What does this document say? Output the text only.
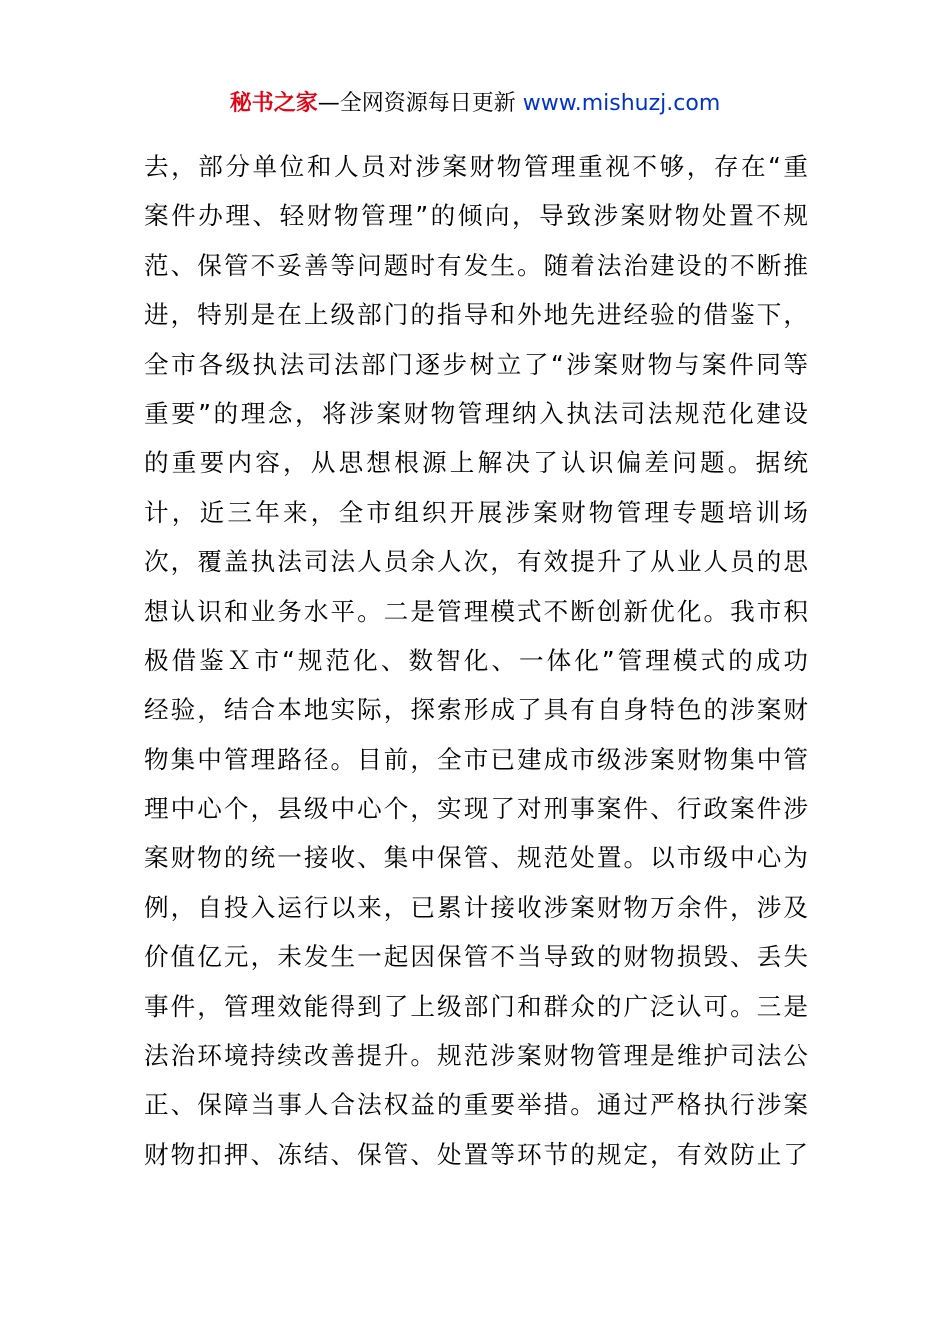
秘书之家—全网资源每日更新 www.mishuzj.com
去，部分单位和人员对涉案财物管理重视不够，存在“重
案件办理、轻财物管理”的倾向，导致涉案财物处置不规
范、保管不妥善等问题时有发生。随着法治建设的不断推
进，特别是在上级部门的指导和外地先进经验的借鉴下，
全市各级执法司法部门逐步树立了“涉案财物与案件同等
重要”的理念，将涉案财物管理纳入执法司法规范化建设
的重要内容，从思想根源上解决了认识偏差问题。据统
计，近三年来，全市组织开展涉案财物管理专题培训场
次，覆盖执法司法人员余人次，有效提升了从业人员的思
想认识和业务水平。二是管理模式不断创新优化。我市积
极借鉴Ｘ市“规范化、数智化、一体化”管理模式的成功
经验，结合本地实际，探索形成了具有自身特色的涉案财
物集中管理路径。目前，全市已建成市级涉案财物集中管
理中心个，县级中心个，实现了对刑事案件、行政案件涉
案财物的统一接收、集中保管、规范处置。以市级中心为
例，自投入运行以来，已累计接收涉案财物万余件，涉及
价值亿元，未发生一起因保管不当导致的财物损毁、丢失
事件，管理效能得到了上级部门和群众的广泛认可。三是
法治环境持续改善提升。规范涉案财物管理是维护司法公
正、保障当事人合法权益的重要举措。通过严格执行涉案
财物扣押、冻结、保管、处置等环节的规定，有效防止了
